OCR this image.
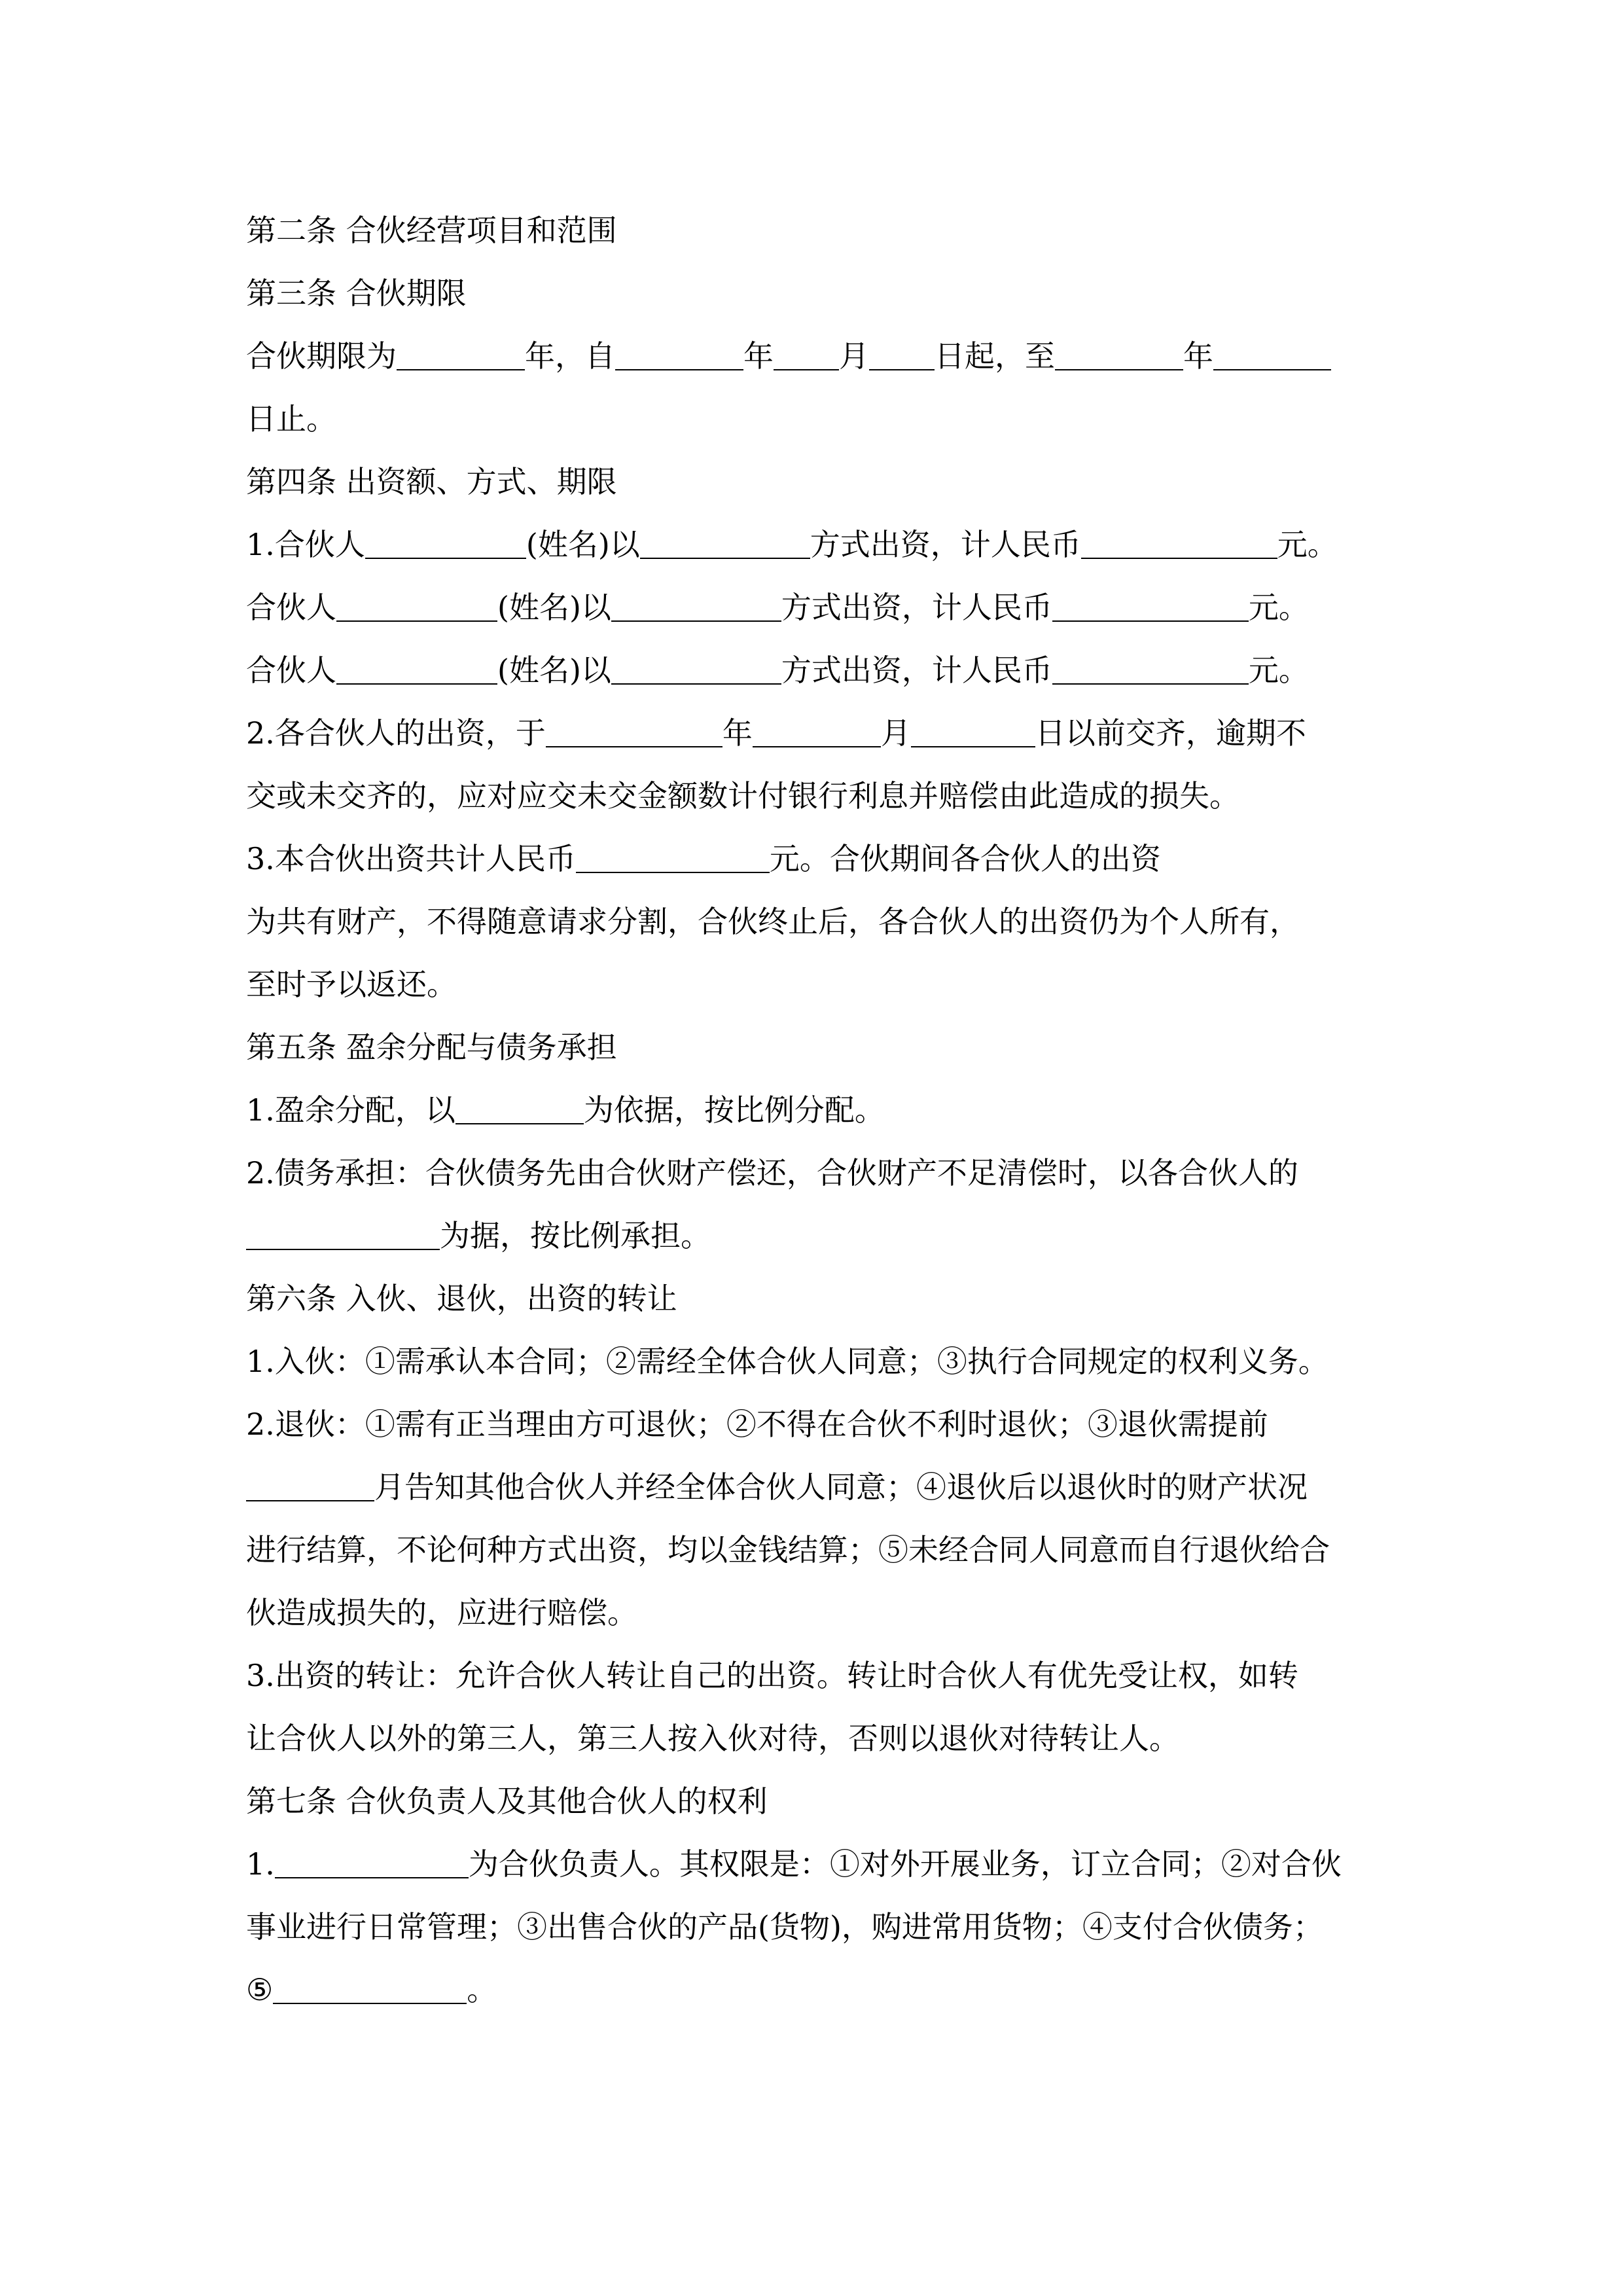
第二条 合伙经营项目和范围
第三条 合伙期限
合伙期限为	年，自	年 月 日起，至	年
日止。
第四条 出资额、方式、期限
1.合伙人	(姓名)以	方式出资，计人民币	元。
合伙人	(姓名)以	方式出资，计人民币	元。
合伙人	(姓名)以	方式出资，计人民币	元。
2.各合伙人的出资，于	年	月	日以前交齐，逾期不
交或未交齐的，应对应交未交金额数计付银行利息并赔偿由此造成的损失。
3.本合伙出资共计人民币	元。合伙期间各合伙人的出资
为共有财产，不得随意请求分割，合伙终止后，各合伙人的出资仍为个人所有，
至时予以返还。
第五条 盈余分配与债务承担
1.盈余分配，以	为依据，按比例分配。
2.债务承担：合伙债务先由合伙财产偿还，合伙财产不足清偿时，以各合伙人的
为据，按比例承担。
第六条 入伙、退伙，出资的转让
1.入伙：①需承认本合同；②需经全体合伙人同意；③执行合同规定的权利义务。
2.退伙：①需有正当理由方可退伙；②不得在合伙不利时退伙；③退伙需提前
月告知其他合伙人并经全体合伙人同意；④退伙后以退伙时的财产状况
进行结算，不论何种方式出资，均以金钱结算；⑤未经合同人同意而自行退伙给合
伙造成损失的，应进行赔偿。
3.出资的转让：允许合伙人转让自己的出资。转让时合伙人有优先受让权，如转
让合伙人以外的第三人，第三人按入伙对待，否则以退伙对待转让人。
第七条 合伙负责人及其他合伙人的权利
1.	为合伙负责人。其权限是：①对外开展业务，订立合同；②对合伙
事业进行日常管理；③出售合伙的产品(货物)，购进常用货物；④支付合伙债务；
⑤	。
